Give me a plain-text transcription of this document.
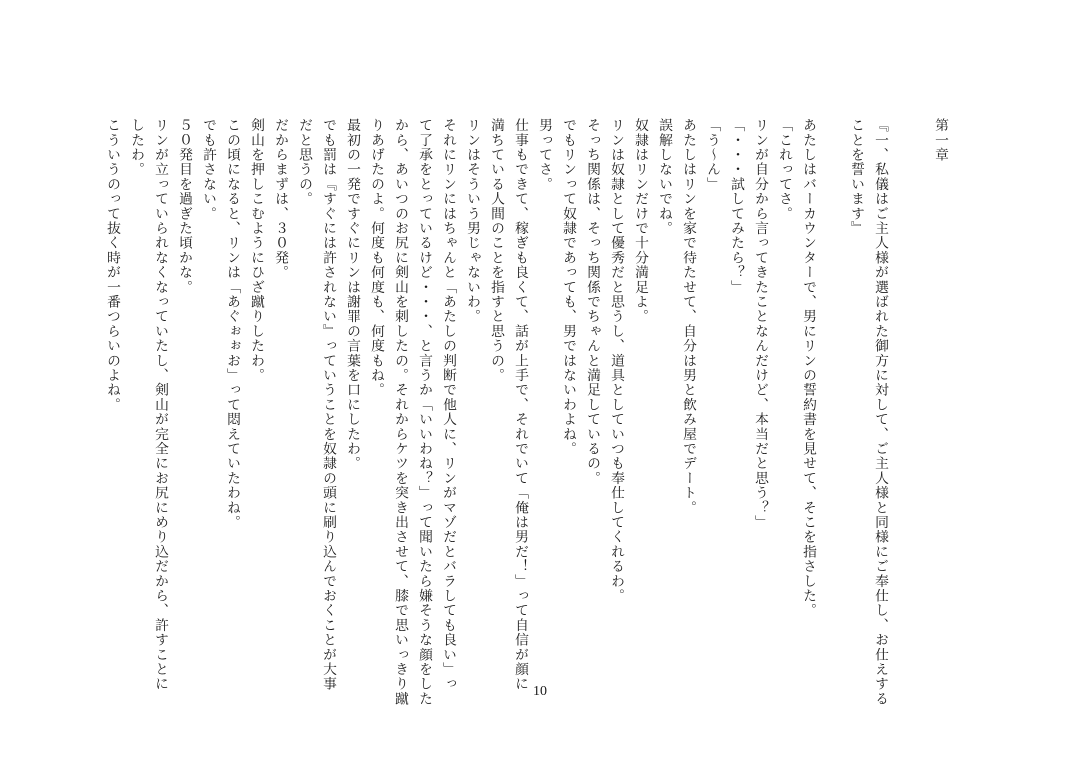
第一章
『一、私儀はご主人様が選ばれた御方に対して、ご主人様と同様にご奉仕し、お仕えする
ことを誓います』
あたしはバーカウンターで、男にリンの誓約書を見せて、そこを指さした。
「これってさ。
リンが自分から言ってきたことなんだけど、本当だと思う？」
「・・・試してみたら？」
「う〜ん」
あたしはリンを家で待たせて、自分は男と飲み屋でデート。
誤解しないでね。
奴隷はリンだけで十分満足よ。
リンは奴隷として優秀だと思うし、道具としていつも奉仕してくれるわ。
そっち関係は、そっち関係でちゃんと満足しているの。
でもリンって奴隷であっても、男ではないわよね。
男ってさ。
仕事もできて、稼ぎも良くて、話が上手で、それでいて「俺は男だ！」って自信が顔に
満ちている人間のことを指すと思うの。
リンはそういう男じゃないわ。
それにリンにはちゃんと「あたしの判断で他人に、リンがマゾだとバラしても良い」っ
て了承をとっているけど・・・、と言うか「いいわね？」って聞いたら嫌そうな顔をした
から、あいつのお尻に剣山を刺したの。それからケツを突き出させて、膝で思いっきり蹴
りあげたのよ。何度も何度も、何度もね。
最初の一発ですぐにリンは謝罪の言葉を口にしたわ。
でも罰は『すぐには許されない』っていうことを奴隷の頭に刷り込んでおくことが大事
だと思うの。
だからまずは、３０発。
剣山を押しこむようにひざ蹴りしたわ。
この頃になると、リンは「あぐぉぉお」って悶えていたわね。
でも許さない。
５０発目を過ぎた頃かな。
リンが立っていられなくなっていたし、剣山が完全にお尻にめり込だから、許すことに
したわ。
こういうのって抜く時が一番つらいのよね。
10
